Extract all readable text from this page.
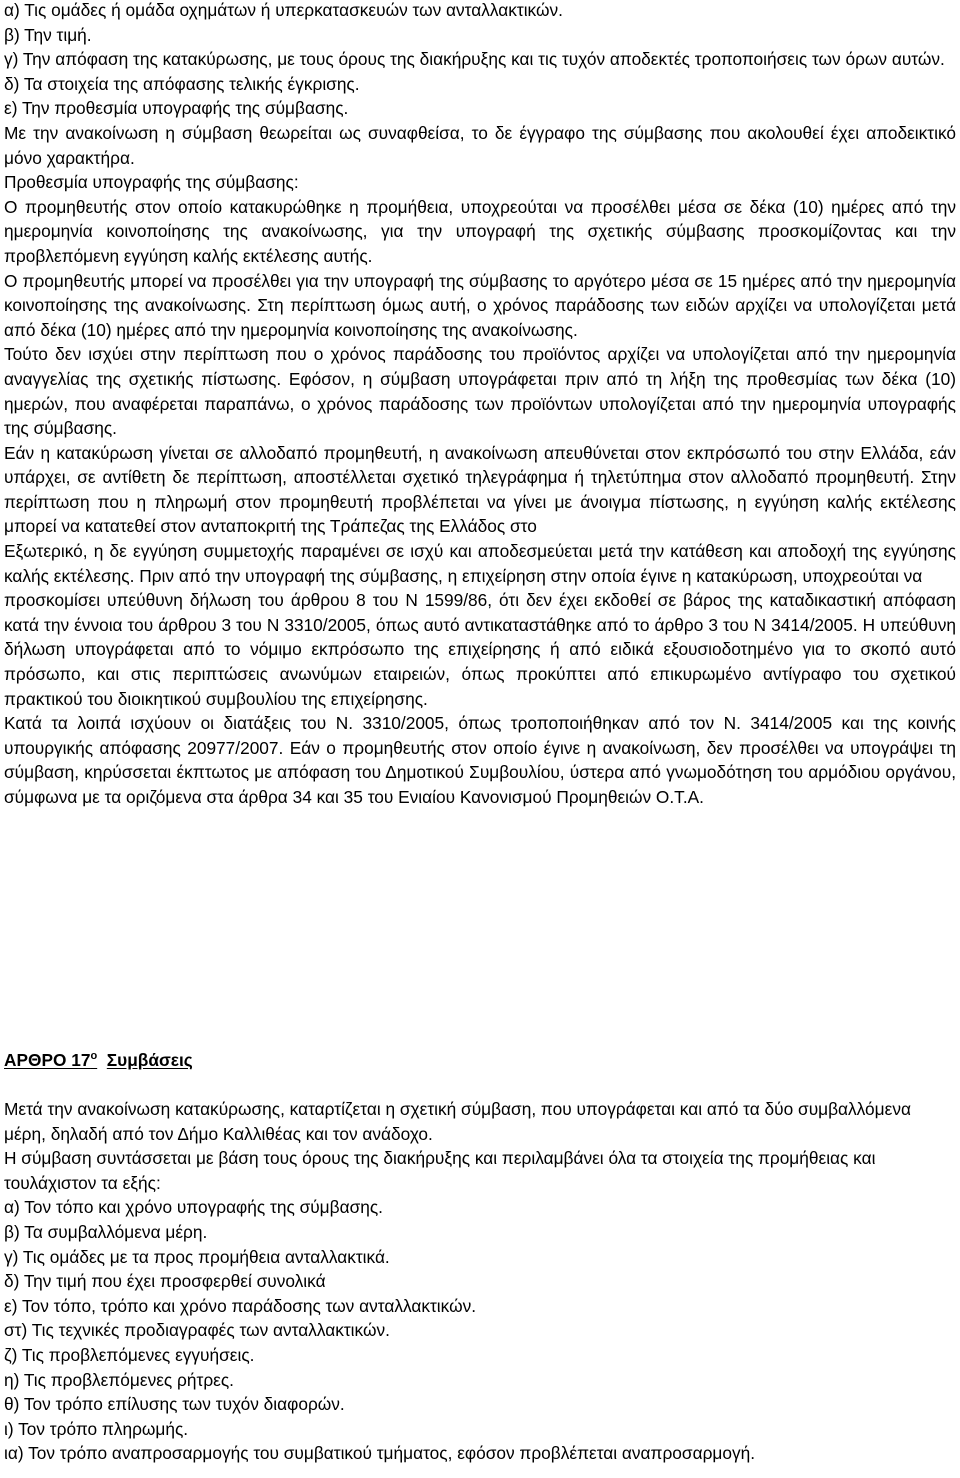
α) Τις ομάδες ή ομάδα οχημάτων ή υπερκατασκευών των ανταλλακτικών.

β) Την τιμή.

γ) Την απόφαση της κατακύρωσης, με τους όρους της διακήρυξης και τις τυχόν αποδεκτές τροποποιήσεις των όρων αυτών.

δ) Τα στοιχεία της απόφασης τελικής έγκρισης.

ε) Την προθεσμία υπογραφής της σύμβασης.

Με την ανακοίνωση η σύμβαση θεωρείται ως συναφθείσα, το δε έγγραφο της σύμβασης που ακολουθεί έχει αποδεικτικό μόνο χαρακτήρα.

Προθεσμία υπογραφής της σύμβασης:

Ο προμηθευτής στον οποίο κατακυρώθηκε η προμήθεια, υποχρεούται να προσέλθει μέσα σε δέκα (10) ημέρες από την ημερομηνία κοινοποίησης της ανακοίνωσης, για την υπογραφή της σχετικής σύμβασης προσκομίζοντας και την προβλεπόμενη εγγύηση καλής εκτέλεσης αυτής.

Ο προμηθευτής μπορεί να προσέλθει για την υπογραφή της σύμβασης το αργότερο μέσα σε 15 ημέρες από την ημερομηνία κοινοποίησης της ανακοίνωσης. Στη περίπτωση όμως αυτή, ο χρόνος παράδοσης των ειδών αρχίζει να υπολογίζεται μετά από δέκα (10) ημέρες από την ημερομηνία κοινοποίησης της ανακοίνωσης.

Τούτο δεν ισχύει στην περίπτωση που ο χρόνος παράδοσης του προϊόντος αρχίζει να υπολογίζεται από την ημερομηνία αναγγελίας της σχετικής πίστωσης. Εφόσον, η σύμβαση υπογράφεται πριν από τη λήξη της προθεσμίας των δέκα (10) ημερών, που αναφέρεται παραπάνω, ο χρόνος παράδοσης των προϊόντων υπολογίζεται από την ημερομηνία υπογραφής της σύμβασης.

Εάν η κατακύρωση γίνεται σε αλλοδαπό προμηθευτή, η ανακοίνωση απευθύνεται στον εκπρόσωπό του στην Ελλάδα, εάν υπάρχει, σε αντίθετη δε περίπτωση, αποστέλλεται σχετικό τηλεγράφημα ή τηλετύπημα στον αλλοδαπό προμηθευτή. Στην περίπτωση που η πληρωμή στον προμηθευτή προβλέπεται να γίνει με άνοιγμα πίστωσης, η εγγύηση καλής εκτέλεσης μπορεί να κατατεθεί στον ανταποκριτή της Τράπεζας της Ελλάδος στο

Εξωτερικό, η δε εγγύηση συμμετοχής παραμένει σε ισχύ και αποδεσμεύεται μετά την κατάθεση και αποδοχή της εγγύησης καλής εκτέλεσης. Πριν από την υπογραφή της σύμβασης, η επιχείρηση στην οποία έγινε η κατακύρωση, υποχρεούται να

προσκομίσει υπεύθυνη δήλωση του άρθρου 8 του Ν 1599/86, ότι δεν έχει εκδοθεί σε βάρος της καταδικαστική απόφαση κατά την έννοια του άρθρου 3 του Ν 3310/2005, όπως αυτό αντικαταστάθηκε από το άρθρο 3 του Ν 3414/2005. Η υπεύθυνη δήλωση υπογράφεται από το νόμιμο εκπρόσωπο της επιχείρησης ή από ειδικά εξουσιοδοτημένο για το σκοπό αυτό πρόσωπο, και στις περιπτώσεις ανωνύμων εταιρειών, όπως προκύπτει από επικυρωμένο αντίγραφο του σχετικού πρακτικού του διοικητικού συμβουλίου της επιχείρησης.

Κατά τα λοιπά ισχύουν οι διατάξεις του Ν. 3310/2005, όπως τροποποιήθηκαν από τον Ν. 3414/2005 και της κοινής υπουργικής απόφασης 20977/2007. Εάν ο προμηθευτής στον οποίο έγινε η ανακοίνωση, δεν προσέλθει να υπογράψει τη σύμβαση, κηρύσσεται έκπτωτος με απόφαση του Δημοτικού Συμβουλίου, ύστερα από γνωμοδότηση του αρμόδιου οργάνου, σύμφωνα με τα οριζόμενα στα άρθρα 34 και 35 του Ενιαίου Κανονισμού Προμηθειών Ο.Τ.Α.

ΑΡΘΡΟ $17^o$ Συμβάσεις

Μετά την ανακοίνωση κατακύρωσης, καταρτίζεται η σχετική σύμβαση, που υπογράφεται και από τα δύο συμβαλλόμενα μέρη, δηλαδή από τον Δήμο Καλλιθέας και τον ανάδοχο.

Η σύμβαση συντάσσεται με βάση τους όρους της διακήρυξης και περιλαμβάνει όλα τα στοιχεία της προμήθειας και τουλάχιστον τα εξής:

α) Τον τόπο και χρόνο υπογραφής της σύμβασης.

β) Τα συμβαλλόμενα μέρη.

γ) Τις ομάδες με τα προς προμήθεια ανταλλακτικά.

δ) Την τιμή που έχει προσφερθεί συνολικά

ε) Τον τόπο, τρόπο και χρόνο παράδοσης των ανταλλακτικών.

στ) Τις τεχνικές προδιαγραφές των ανταλλακτικών.

ζ) Τις προβλεπόμενες εγγυήσεις.

η) Τις προβλεπόμενες ρήτρες.

θ) Τον τρόπο επίλυσης των τυχόν διαφορών.

ι) Τον τρόπο πληρωμής.

ια) Τον τρόπο αναπροσαρμογής του συμβατικού τμήματος, εφόσον προβλέπεται αναπροσαρμογή.
